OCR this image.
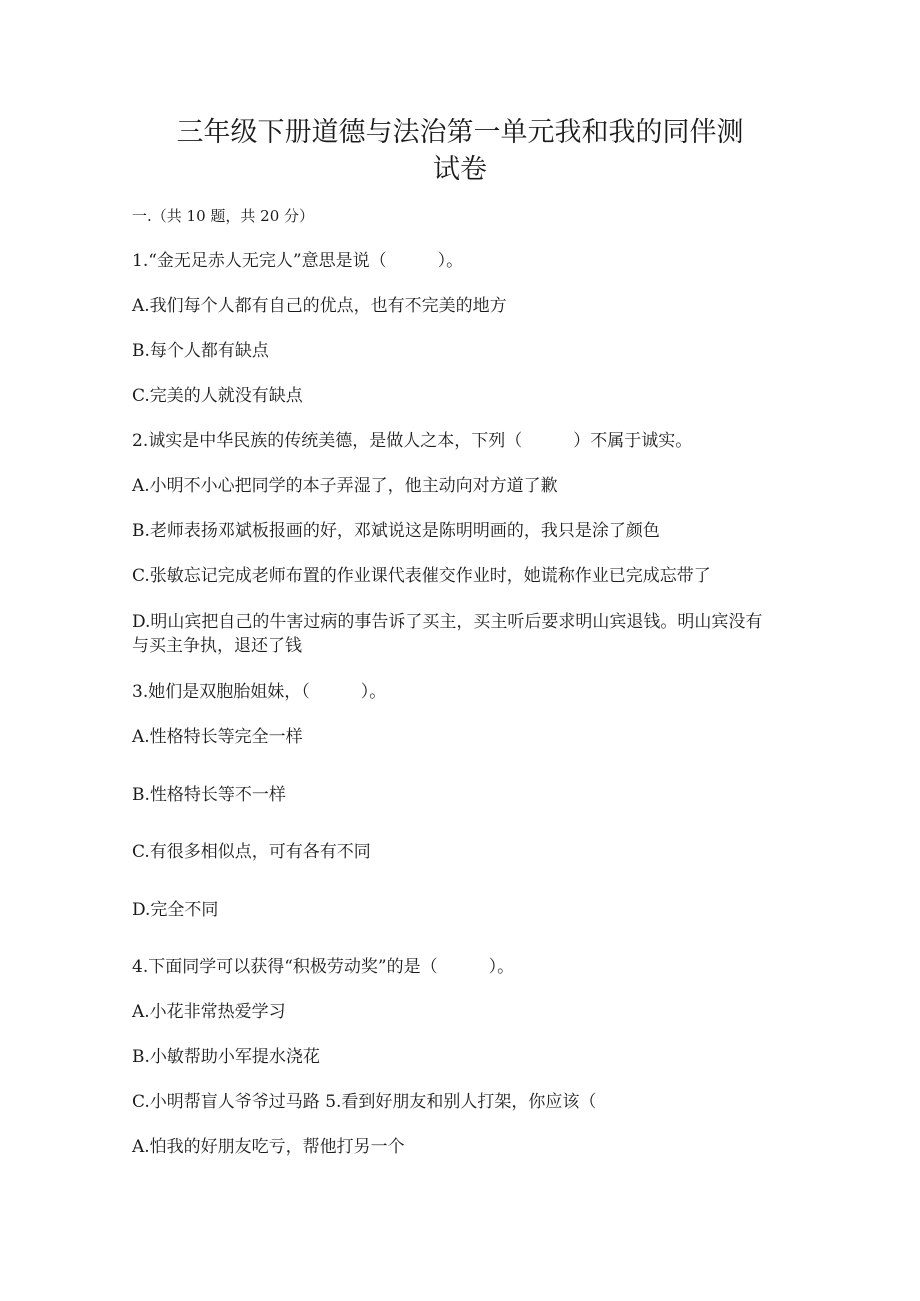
三年级下册道德与法治第一单元我和我的同伴测
试卷

一.（共 10 题，共 20 分）

1.“金无足赤人无完人”意思是说（　　　）。

A.我们每个人都有自己的优点，也有不完美的地方

B.每个人都有缺点

C.完美的人就没有缺点

2.诚实是中华民族的传统美德，是做人之本，下列（　　　）不属于诚实。

A.小明不小心把同学的本子弄湿了，他主动向对方道了歉

B.老师表扬邓斌板报画的好，邓斌说这是陈明明画的，我只是涂了颜色

C.张敏忘记完成老师布置的作业课代表催交作业时，她谎称作业已完成忘带了

D.明山宾把自己的牛害过病的事告诉了买主，买主听后要求明山宾退钱。明山宾没有与买主争执，退还了钱

3.她们是双胞胎姐妹，（　　　）。

A.性格特长等完全一样

B.性格特长等不一样

C.有很多相似点，可有各有不同

D.完全不同

4.下面同学可以获得“积极劳动奖”的是（　　　）。

A.小花非常热爱学习

B.小敏帮助小军提水浇花

C.小明帮盲人爷爷过马路 5.看到好朋友和别人打架，你应该（

A.怕我的好朋友吃亏，帮他打另一个
